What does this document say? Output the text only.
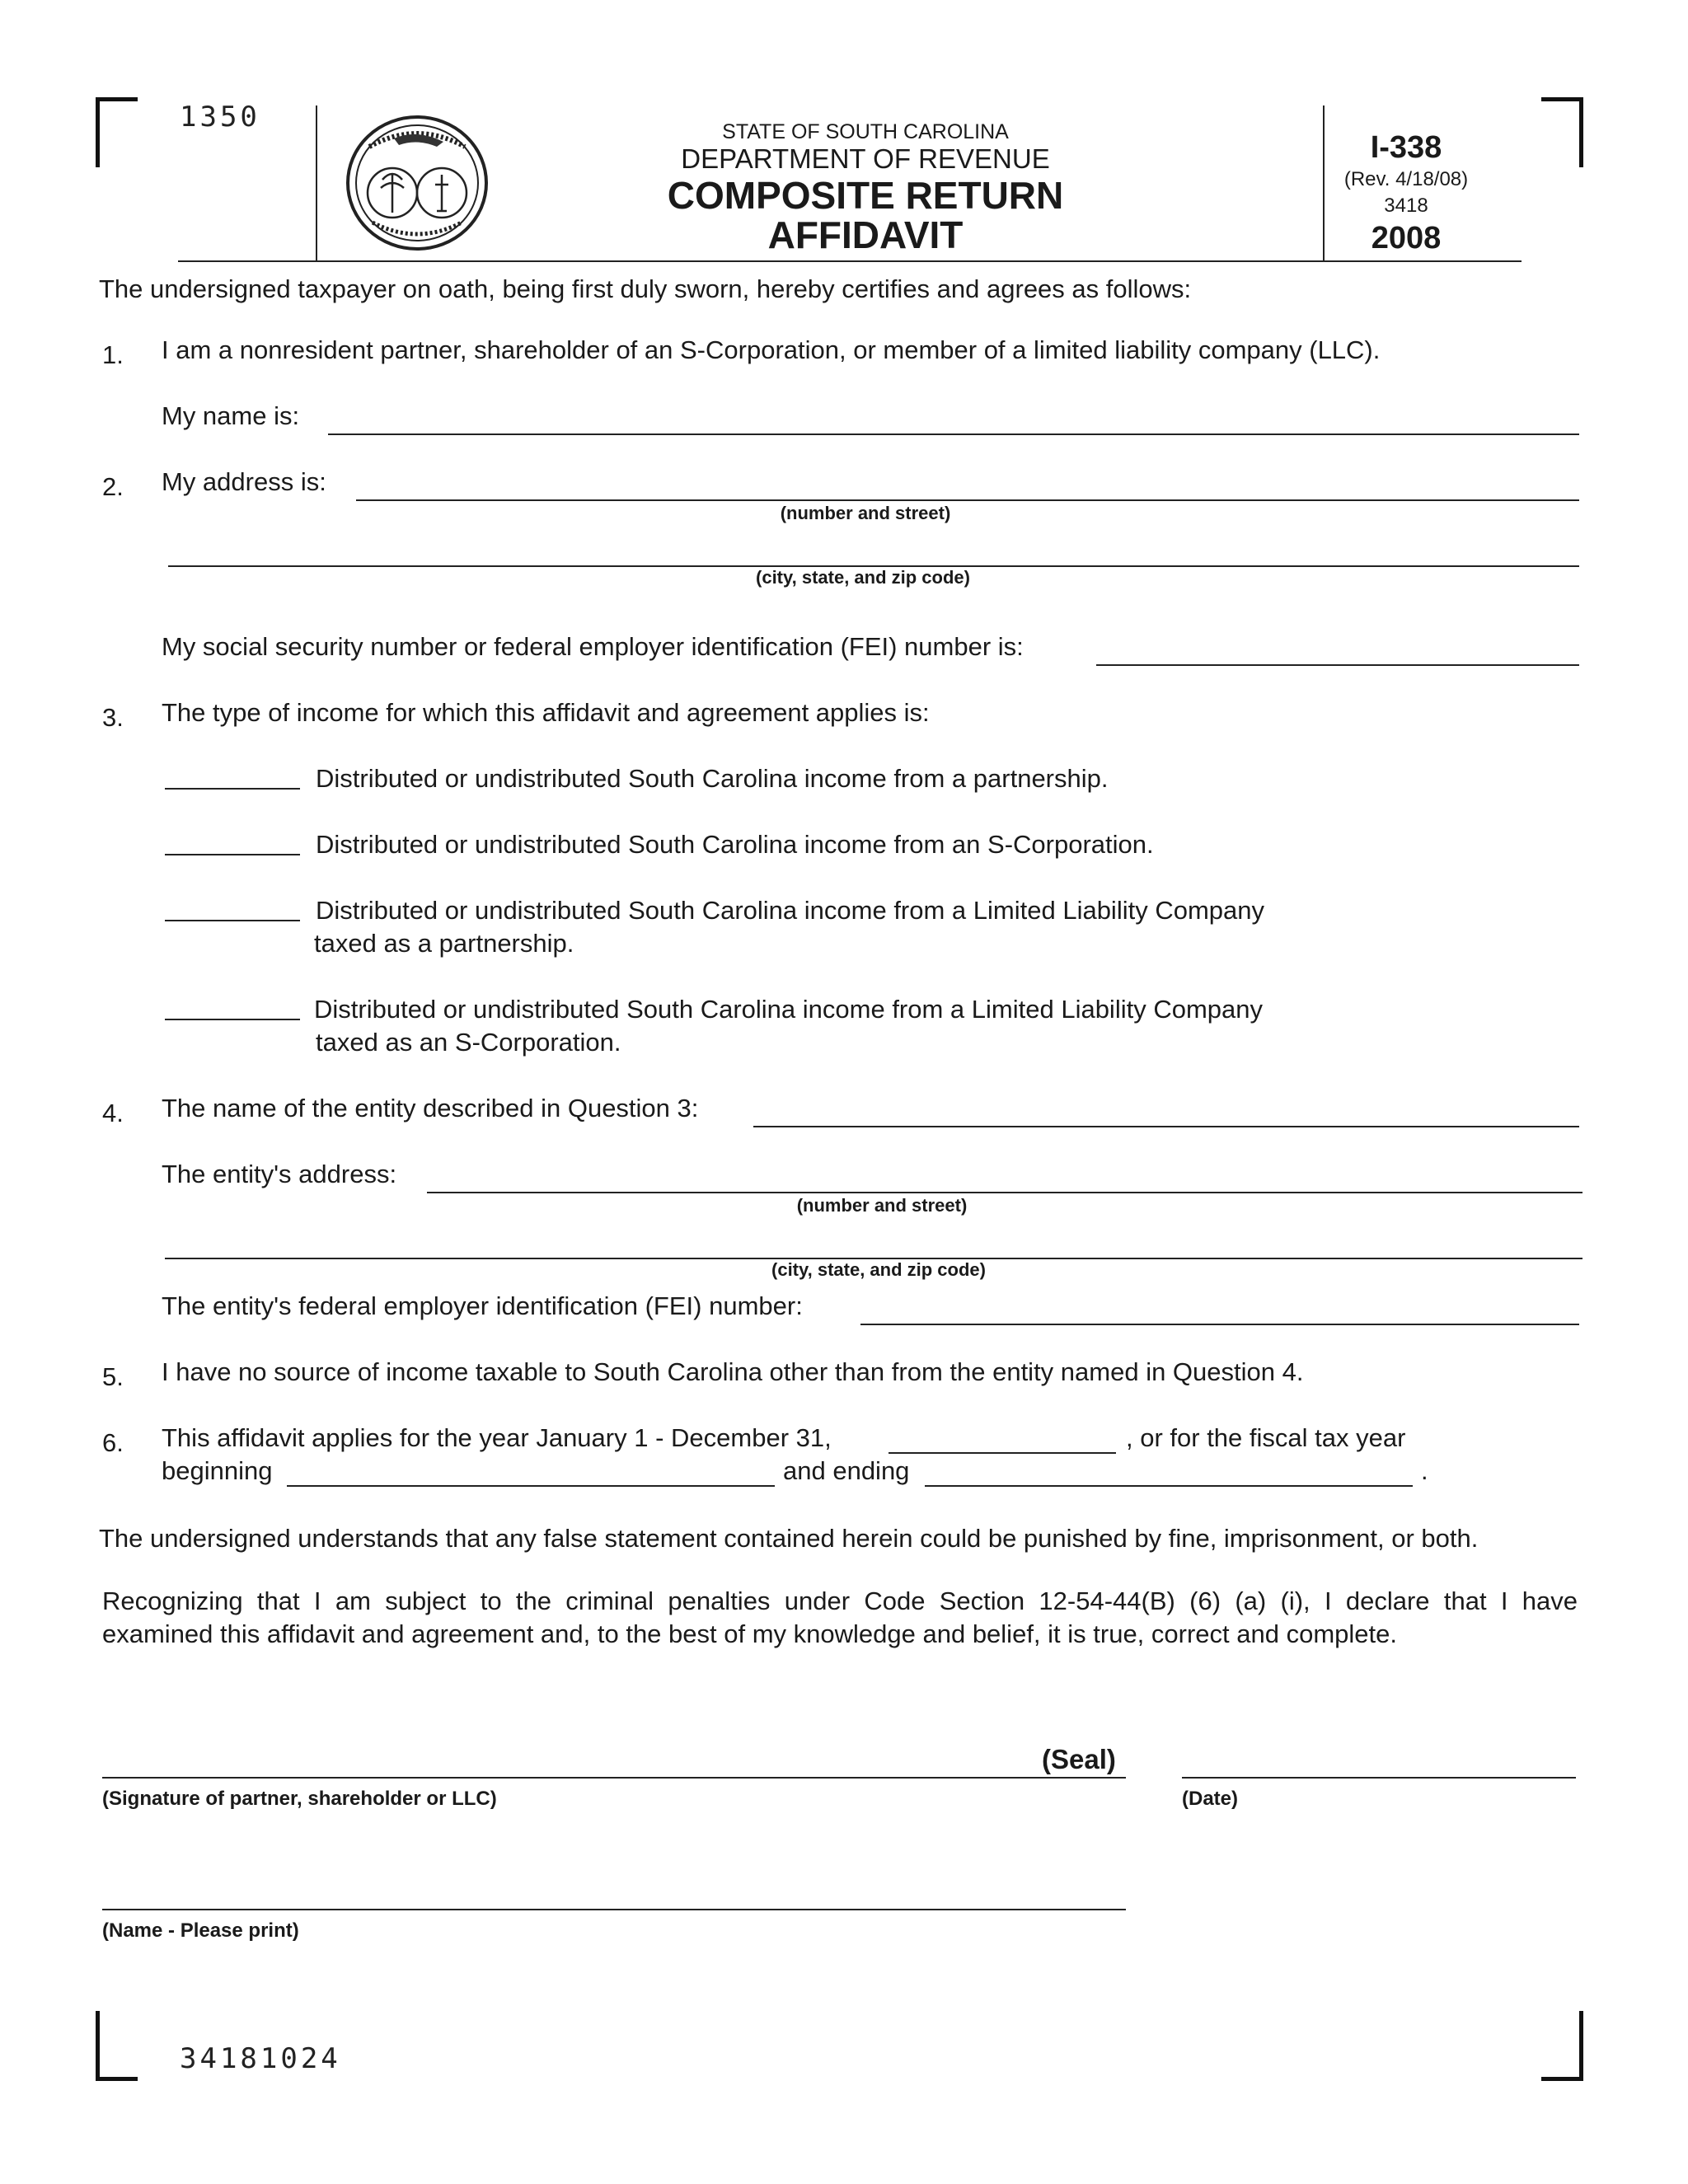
1350
34181024
STATE OF SOUTH CAROLINA
DEPARTMENT OF REVENUE
COMPOSITE RETURN
AFFIDAVIT
I-338
(Rev. 4/18/08)
3418
2008
The undersigned taxpayer on oath, being first duly sworn, hereby certifies and agrees as follows:
1. I am a nonresident partner, shareholder of an S-Corporation, or member of a limited liability company (LLC).
My name is:
2. My address is:
(number and street)
(city, state, and zip code)
My social security number or federal employer identification (FEI) number is:
3. The type of income for which this affidavit and agreement applies is:
Distributed or undistributed South Carolina income from a partnership.
Distributed or undistributed South Carolina income from an S-Corporation.
Distributed or undistributed South Carolina income from a Limited Liability Company
taxed as a partnership.
Distributed or undistributed South Carolina income from a Limited Liability Company
taxed as an S-Corporation.
4. The name of the entity described in Question 3:
The entity's address:
(number and street)
(city, state, and zip code)
The entity's federal employer identification (FEI) number:
5. I have no source of income taxable to South Carolina other than from the entity named in Question 4.
6. This affidavit applies for the year January 1 - December 31,	, or for the fiscal tax year
beginning	and ending	.
The undersigned understands that any false statement contained herein could be punished by fine, imprisonment, or both.
Recognizing that I am subject to the criminal penalties under Code Section 12-54-44(B) (6) (a) (i), I declare that I have
examined this affidavit and agreement and, to the best of my knowledge and belief, it is true, correct and complete.
(Seal)
(Signature of partner, shareholder or LLC)	(Date)
(Name - Please print)
